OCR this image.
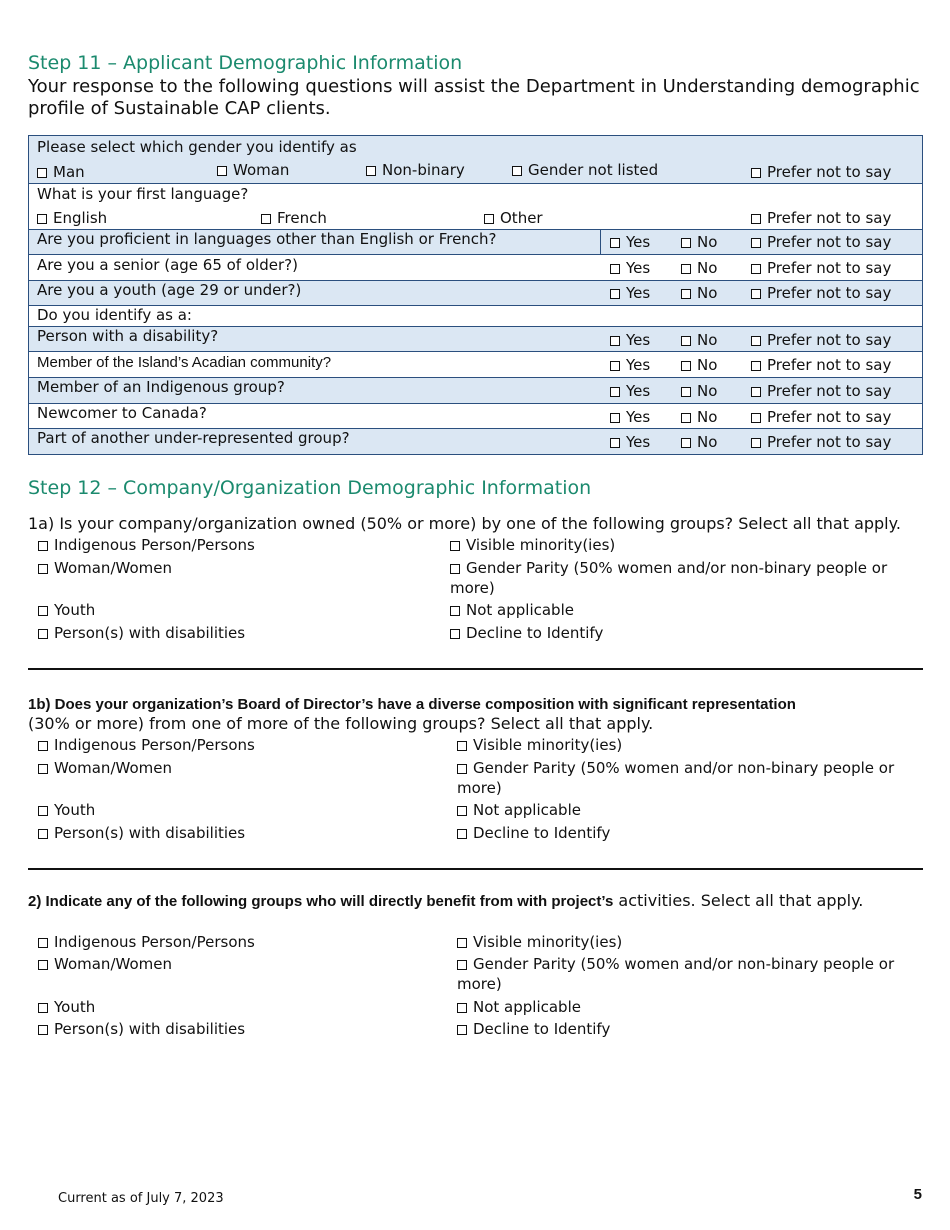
Step 11 – Applicant Demographic Information
Your response to the following questions will assist the Department in Understanding demographic profile of Sustainable CAP clients.
Please select which gender you identify as
Man	Woman	Non-binary	Gender not listed	Prefer not to say
What is your first language?
English	French	Other	Prefer not to say
Are you proficient in languages other than English or French?	Yes	No	Prefer not to say
Are you a senior (age 65 of older?)	Yes	No	Prefer not to say
Are you a youth (age 29 or under?)	Yes	No	Prefer not to say
Do you identify as a:
Person with a disability?	Yes	No	Prefer not to say
Member of the Island’s Acadian community?	Yes	No	Prefer not to say
Member of an Indigenous group?	Yes	No	Prefer not to say
Newcomer to Canada?	Yes	No	Prefer not to say
Part of another under-represented group?	Yes	No	Prefer not to say
Step 12 – Company/Organization Demographic Information
1a) Is your company/organization owned (50% or more) by one of the following groups? Select all that apply.
Indigenous Person/Persons
Woman/Women
Youth
Person(s) with disabilities
Visible minority(ies)
Gender Parity (50% women and/or non-binary people or more)
Not applicable
Decline to Identify
1b) Does your organization’s Board of Director’s have a diverse composition with significant representation
(30% or more) from one of more of the following groups? Select all that apply.
Indigenous Person/Persons
Woman/Women
Youth
Person(s) with disabilities
Visible minority(ies)
Gender Parity (50% women and/or non-binary people or more)
Not applicable
Decline to Identify
2) Indicate any of the following groups who will directly benefit from with project’s activities. Select all that apply.
Indigenous Person/Persons
Woman/Women
Youth
Person(s) with disabilities
Visible minority(ies)
Gender Parity (50% women and/or non-binary people or more)
Not applicable
Decline to Identify
Current as of July 7, 2023	5
